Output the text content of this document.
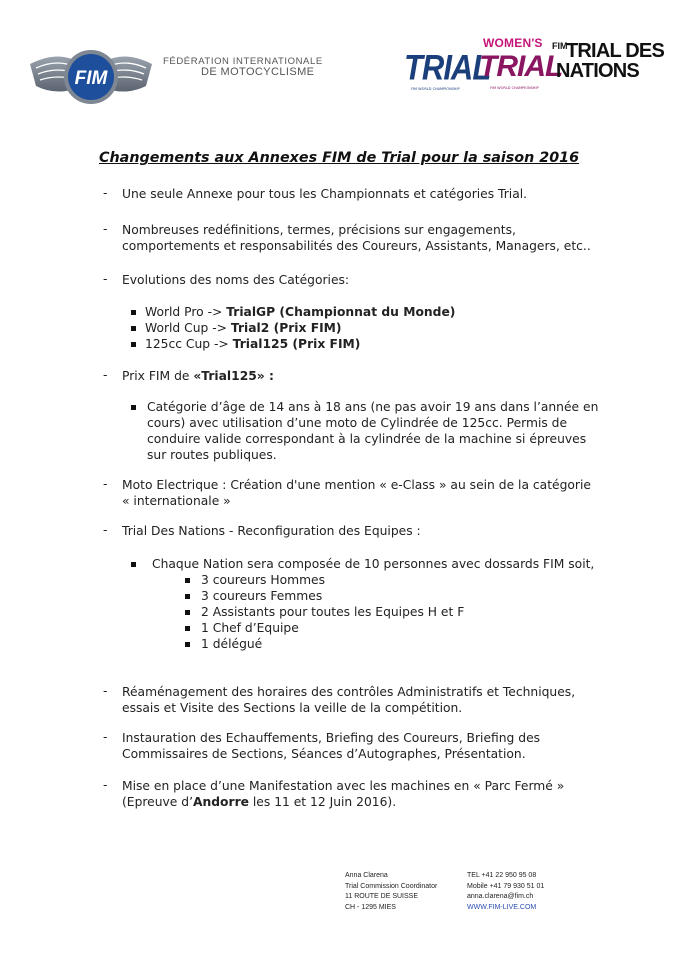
FIM
FÉDÉRATION INTERNATIONALE
DE MOTOCYCLISME	TRIAL
FIM WORLD CHAMPIONSHIP
WOMEN'S
TRIAL
FIM WORLD CHAMPIONSHIP
FIM
TRIAL DES
NATIONS
Changements aux Annexes FIM de Trial pour la saison 2016
- Une seule Annexe pour tous les Championnats et catégories Trial.
- Nombreuses redéfinitions, termes, précisions sur engagements,
comportements et responsabilités des Coureurs, Assistants, Managers, etc..
- Evolutions des noms des Catégories:
World Pro -> TrialGP (Championnat du Monde)
World Cup -> Trial2 (Prix FIM)
125cc Cup -> Trial125 (Prix FIM)
- Prix FIM de «Trial125» :
Catégorie d’âge de 14 ans à 18 ans (ne pas avoir 19 ans dans l’année en
cours) avec utilisation d’une moto de Cylindrée de 125cc. Permis de
conduire valide correspondant à la cylindrée de la machine si épreuves
sur routes publiques.
- Moto Electrique : Création d'une mention « e-Class » au sein de la catégorie
« internationale »
- Trial Des Nations - Reconfiguration des Equipes :
Chaque Nation sera composée de 10 personnes avec dossards FIM soit,
3 coureurs Hommes
3 coureurs Femmes
2 Assistants pour toutes les Equipes H et F
1 Chef d’Equipe
1 délégué
- Réaménagement des horaires des contrôles Administratifs et Techniques,
essais et Visite des Sections la veille de la compétition.
- Instauration des Echauffements, Briefing des Coureurs, Briefing des
Commissaires de Sections, Séances d’Autographes, Présentation.
- Mise en place d’une Manifestation avec les machines en « Parc Fermé »
(Epreuve d’Andorre les 11 et 12 Juin 2016).
Anna Clarena
Trial Commission Coordinator
11 ROUTE DE SUISSE
CH - 1295 MIES
TEL +41 22 950 95 08
Mobile +41 79 930 51 01
anna.clarena@fim.ch
WWW.FIM-LIVE.COM
